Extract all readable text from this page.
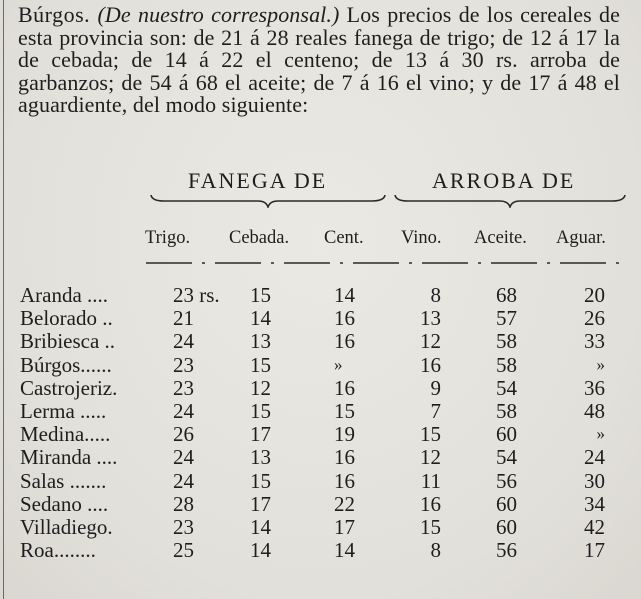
Búrgos. (De nuestro corresponsal.) Los precios de los cereales de esta provincia son: de 21 á 28 reales fanega de trigo; de 12 á 17 la de cebada; de 14 á 22 el centeno; de 13 á 30 rs. arroba de garbanzos; de 54 á 68 el aceite; de 7 á 16 el vino; y de 17 á 48 el aguardiente, del modo siguiente:
FANEGA DE	ARROBA DE
Trigo. Cebada. Cent. Vino. Aceite. Aguar.
Aranda ....	23 rs. 15	14	8	68	20
Belorado ..	21	14	16	13	57	26
Bribiesca ..	24	13	16	12	58	33
Búrgos......	23	15	»	16	58	»
Castrojeriz.	23	12	16	9	54	36
Lerma .....	24	15	15	7	58	48
Medina.....	26	17	19	15	60	»
Miranda ....	24	13	16	12	54	24
Salas .......	24	15	16	11	56	30
Sedano ....	28	17	22	16	60	34
Villadiego.	23	14	17	15	60	42
Roa........	25	14	14	8	56	17
